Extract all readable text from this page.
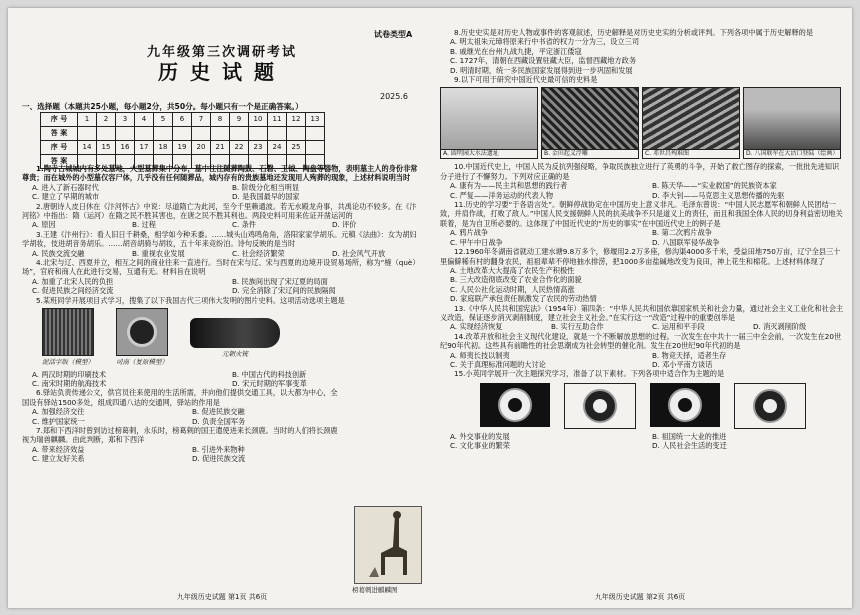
试卷类型A
九年级第三次调研考试
历史试题
2025.6
一、选择题（本题共25小题，每小题2分，共50分。每小题只有一个是正确答案。）
序 号	1	2	3	4	5	6	7	8	9	10	11	12	13
答 案													
序 号	14	15	16	17	18	19	20	21	22	23	24	25	
答 案													

1.陶寺古城城内有多处墓地，大型墓葬集中分布，墓中往往随葬陶鼓、石磬、玉钺、陶盘等器物，表明墓主人的身份非常尊贵；而在城外的小型墓仅容尸体，几乎没有任何随葬品，城内存有的贵族墓地还发现用人殉葬的现象，上述材料说明当时

A. 进入了新石器时代	B. 阶级分化相当明显
C. 建立了早期的城市	D. 是我国最早的国家

2.唐朝诗人皮日休在《汴河怀古》中说：尽道隋亡为此河，至今千里赖通波。若无水殿龙舟事，共禹论功不较多。在《汴河铭》中指出：隋（运河）在隋之民不胜其害也，在唐之民不胜其利也。两段史料可用来佐证开凿运河的

A. 原因	B. 过程	C. 条件	D. 评价

3.王建《汴州行》：看人旧日千耕桑，相学如今种禾黍。……城头山鸡鸣角角，洛阳家家学胡乐。元稹《法曲》：女为胡妇学胡妆，伎进胡音务胡乐。……胡音胡骑与胡妆，五十年来竞纷泊。诗句反映的是当时

A. 民族交流交融	B. 重视农业发展	C. 社会经济繁荣	D. 社会风气开放

4.北宋与辽、西夏并立，相互之间的商业往来一直进行。当时在宋与辽、宋与西夏的边境开设贸易场所，称为“榷（què）场”，官府和商人在此进行交易，互通有无。材料旨在说明

A. 加重了北宋人民的负担	B. 民族间出现了宋辽夏的局面
C. 促进民族之间经济交流	D. 完全消除了宋辽间的民族隔阂

5.某班同学开展项目式学习，搜集了以下我国古代三项伟大发明的图片史料。这项活动选项主题是

泥活字版（模型）	司南（复原模型）
元朝火铳
A. 两汉时期的印刷技术	B. 中国古代的科技创新
C. 南宋时期的航海技术	D. 宋元时期的军事变革

6.驿站负责传递公文，供官员往来使用的生活所需，并向他们提供交通工具，以大都为中心，全国设有驿站1500多处，组成四通八达的交通网，驿站的作用是

A. 加强经济交往	B. 促进民族交融
C. 维护国家统一	D. 负责全国军务

7.郑和下西洋时曾到访过榜葛剌，永乐时，榜葛剌的国王遣使进来长颈鹿。当时的人们将长颈鹿视为瑞兽麒麟。由此判断，郑和下西洋

A. 带来经济效益	B. 引进外来物种
C. 建立友好关系	D. 促进民族交流
榜葛剌进麒麟图
九年级历史试题 第1页 共6页

8.历史史实是对历史人物或事件的客观叙述，历史解释是对历史史实的分析或评判。下列各项中属于历史解释的是

A. 明太祖朱元璋将原来行中书省的权力一分为三，设立三司
B. 戚继光在台州九战九捷，平定浙江倭寇
C. 1727年，清朝在西藏设置驻藏大臣，监督西藏地方政务
D. 明清时期，统一多民族国家发展得到进一步巩固和发展

9.以下可用于研究中国近代史最可信的史料是

A. 圆明园大水法遗址	B. 金田起义浮雕	C. 邓世昌殉难图	D. 八国联军在大沽口登陆（绘画）

10.中国近代史上，中国人民为反抗列强侵略，争取民族独立进行了英勇的斗争，开始了救亡图存的探索，一批批先进知识分子进行了不懈努力。下列对应正确的是

A. 康有为——民主共和思想的践行者	B. 陈天华——“实业救国”的民族资本家
C. 严复——洋务运动的代表人物	D. 李大钊——马克思主义思想传播的先驱

11.历史的学习要“于各语言处”。朝鲜停战协定在中国历史上意义非凡。毛泽东曾说：“中国人民志愿军和朝鲜人民团结一致，并肩作战，打败了敌人。”中国人民支援朝鲜人民的抗美战争不只是道义上的责任，而且和我国全体人民的切身利益密切地关联着，是为自卫所必要的。这体现了中国近代史的“历史的事实”在中国近代史上的例子是

A. 鸦片战争	B. 第二次鸦片战争
C. 甲午中日战争	D. 八国联军侵华战争

12.1960年冬湖南省就动工建水塘9.8万多个，修堰用2.2万多座，修沟渠4000多千米，受益田地750万亩，辽宁全县三十里偏僻稀有村的翻身农民，祖祖辈辈不停地抽水排涝，把1000多亩盐碱地改变为良田，神上花生和棉花。上述材料体现了

A. 土地改革大大提高了农民生产积极性
B. 三大改造彻底改变了农业合作化的面貌
C. 人民公社化运动时期，人民热情高涨
D. 家庭联产承包责任制激发了农民的劳动热情

13.《中华人民共和国宪法》（1954年）第四条：“中华人民共和国依靠国家机关和社会力量，通过社会主义工业化和社会主义改造，保证逐步消灭剥削制度，建立社会主义社会。”在实行这一“改造”过程中的重要创举是

A. 实现经济恢复	B. 实行互助合作	C. 运用和平手段	D. 消灭剥削阶级

14.改革开放和社会主义现代化建设，就是一个不断解放思想的过程。一次发生在中共十一届三中全会前，一次发生在20世纪90年代初。这些具有前瞻性的社会思潮成为社会转型的催化剂。发生在20世纪90年代初的是

A. 师夷长技以制夷	B. 物竞天择，适者生存
C. 关于真理标准问题的大讨论	D. 邓小平南方谈话

15.小英同学展开一次主题探究学习，准备了以下素材。下列各项中适合作为主题的是

A. 外交事业的发展	B. 祖国统一大业的推进
C. 文化事业的繁荣	D. 人民社会生活的变迁
九年级历史试题 第2页 共6页
